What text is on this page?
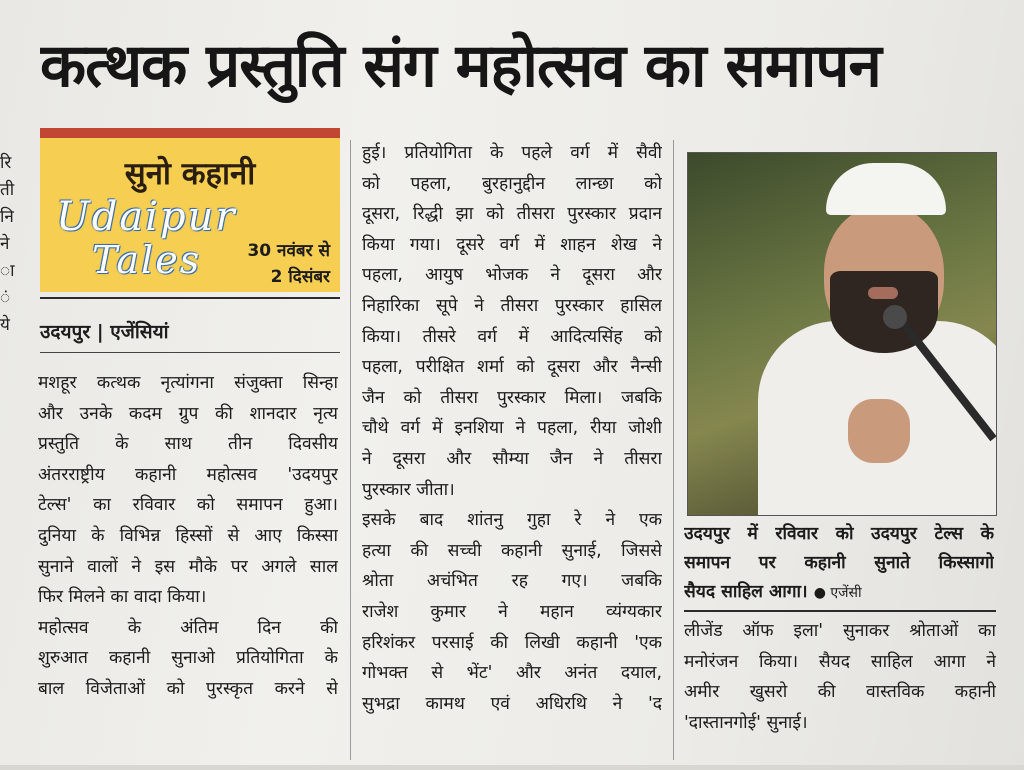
कत्थक प्रस्तुति संग महोत्सव का समापन
रि
ती
नि
ने
ा
ं
ये
सुनो कहानी
Udaipur
Tales	30 नवंबर से
2 दिसंबर
उदयपुर | एजेंसियां
मशहूर कत्थक नृत्यांगना संजुक्ता सिन्हा
और उनके कदम ग्रुप की शानदार नृत्य
प्रस्तुति के साथ तीन दिवसीय
अंतरराष्ट्रीय कहानी महोत्सव 'उदयपुर
टेल्स' का रविवार को समापन हुआ।
दुनिया के विभिन्न हिस्सों से आए किस्सा
सुनाने वालों ने इस मौके पर अगले साल
फिर मिलने का वादा किया।
महोत्सव के अंतिम दिन की
शुरुआत कहानी सुनाओ प्रतियोगिता के
बाल विजेताओं को पुरस्कृत करने से
हुई। प्रतियोगिता के पहले वर्ग में सैवी
को पहला, बुरहानुद्दीन लान्छा को
दूसरा, रिद्धी झा को तीसरा पुरस्कार प्रदान
किया गया। दूसरे वर्ग में शाहन शेख ने
पहला, आयुष भोजक ने दूसरा और
निहारिका सूपे ने तीसरा पुरस्कार हासिल
किया। तीसरे वर्ग में आदित्यसिंह को
पहला, परीक्षित शर्मा को दूसरा और नैन्सी
जैन को तीसरा पुरस्कार मिला। जबकि
चौथे वर्ग में इनशिया ने पहला, रीया जोशी
ने दूसरा और सौम्या जैन ने तीसरा
पुरस्कार जीता।
इसके बाद शांतनु गुहा रे ने एक
हत्या की सच्ची कहानी सुनाई, जिससे
श्रोता अचंभित रह गए। जबकि
राजेश कुमार ने महान व्यंग्यकार
हरिशंकर परसाई की लिखी कहानी 'एक
गोभक्त से भेंट' और अनंत दयाल,
सुभद्रा कामथ एवं अधिरथि ने 'द
उदयपुर में रविवार को उदयपुर टेल्स के
समापन पर कहानी सुनाते किस्सागो
सैयद साहिल आगा। ● एजेंसी
लीजेंड ऑफ इला' सुनाकर श्रोताओं का
मनोरंजन किया। सैयद साहिल आगा ने
अमीर खुसरो की वास्तविक कहानी
'दास्तानगोई' सुनाई।
